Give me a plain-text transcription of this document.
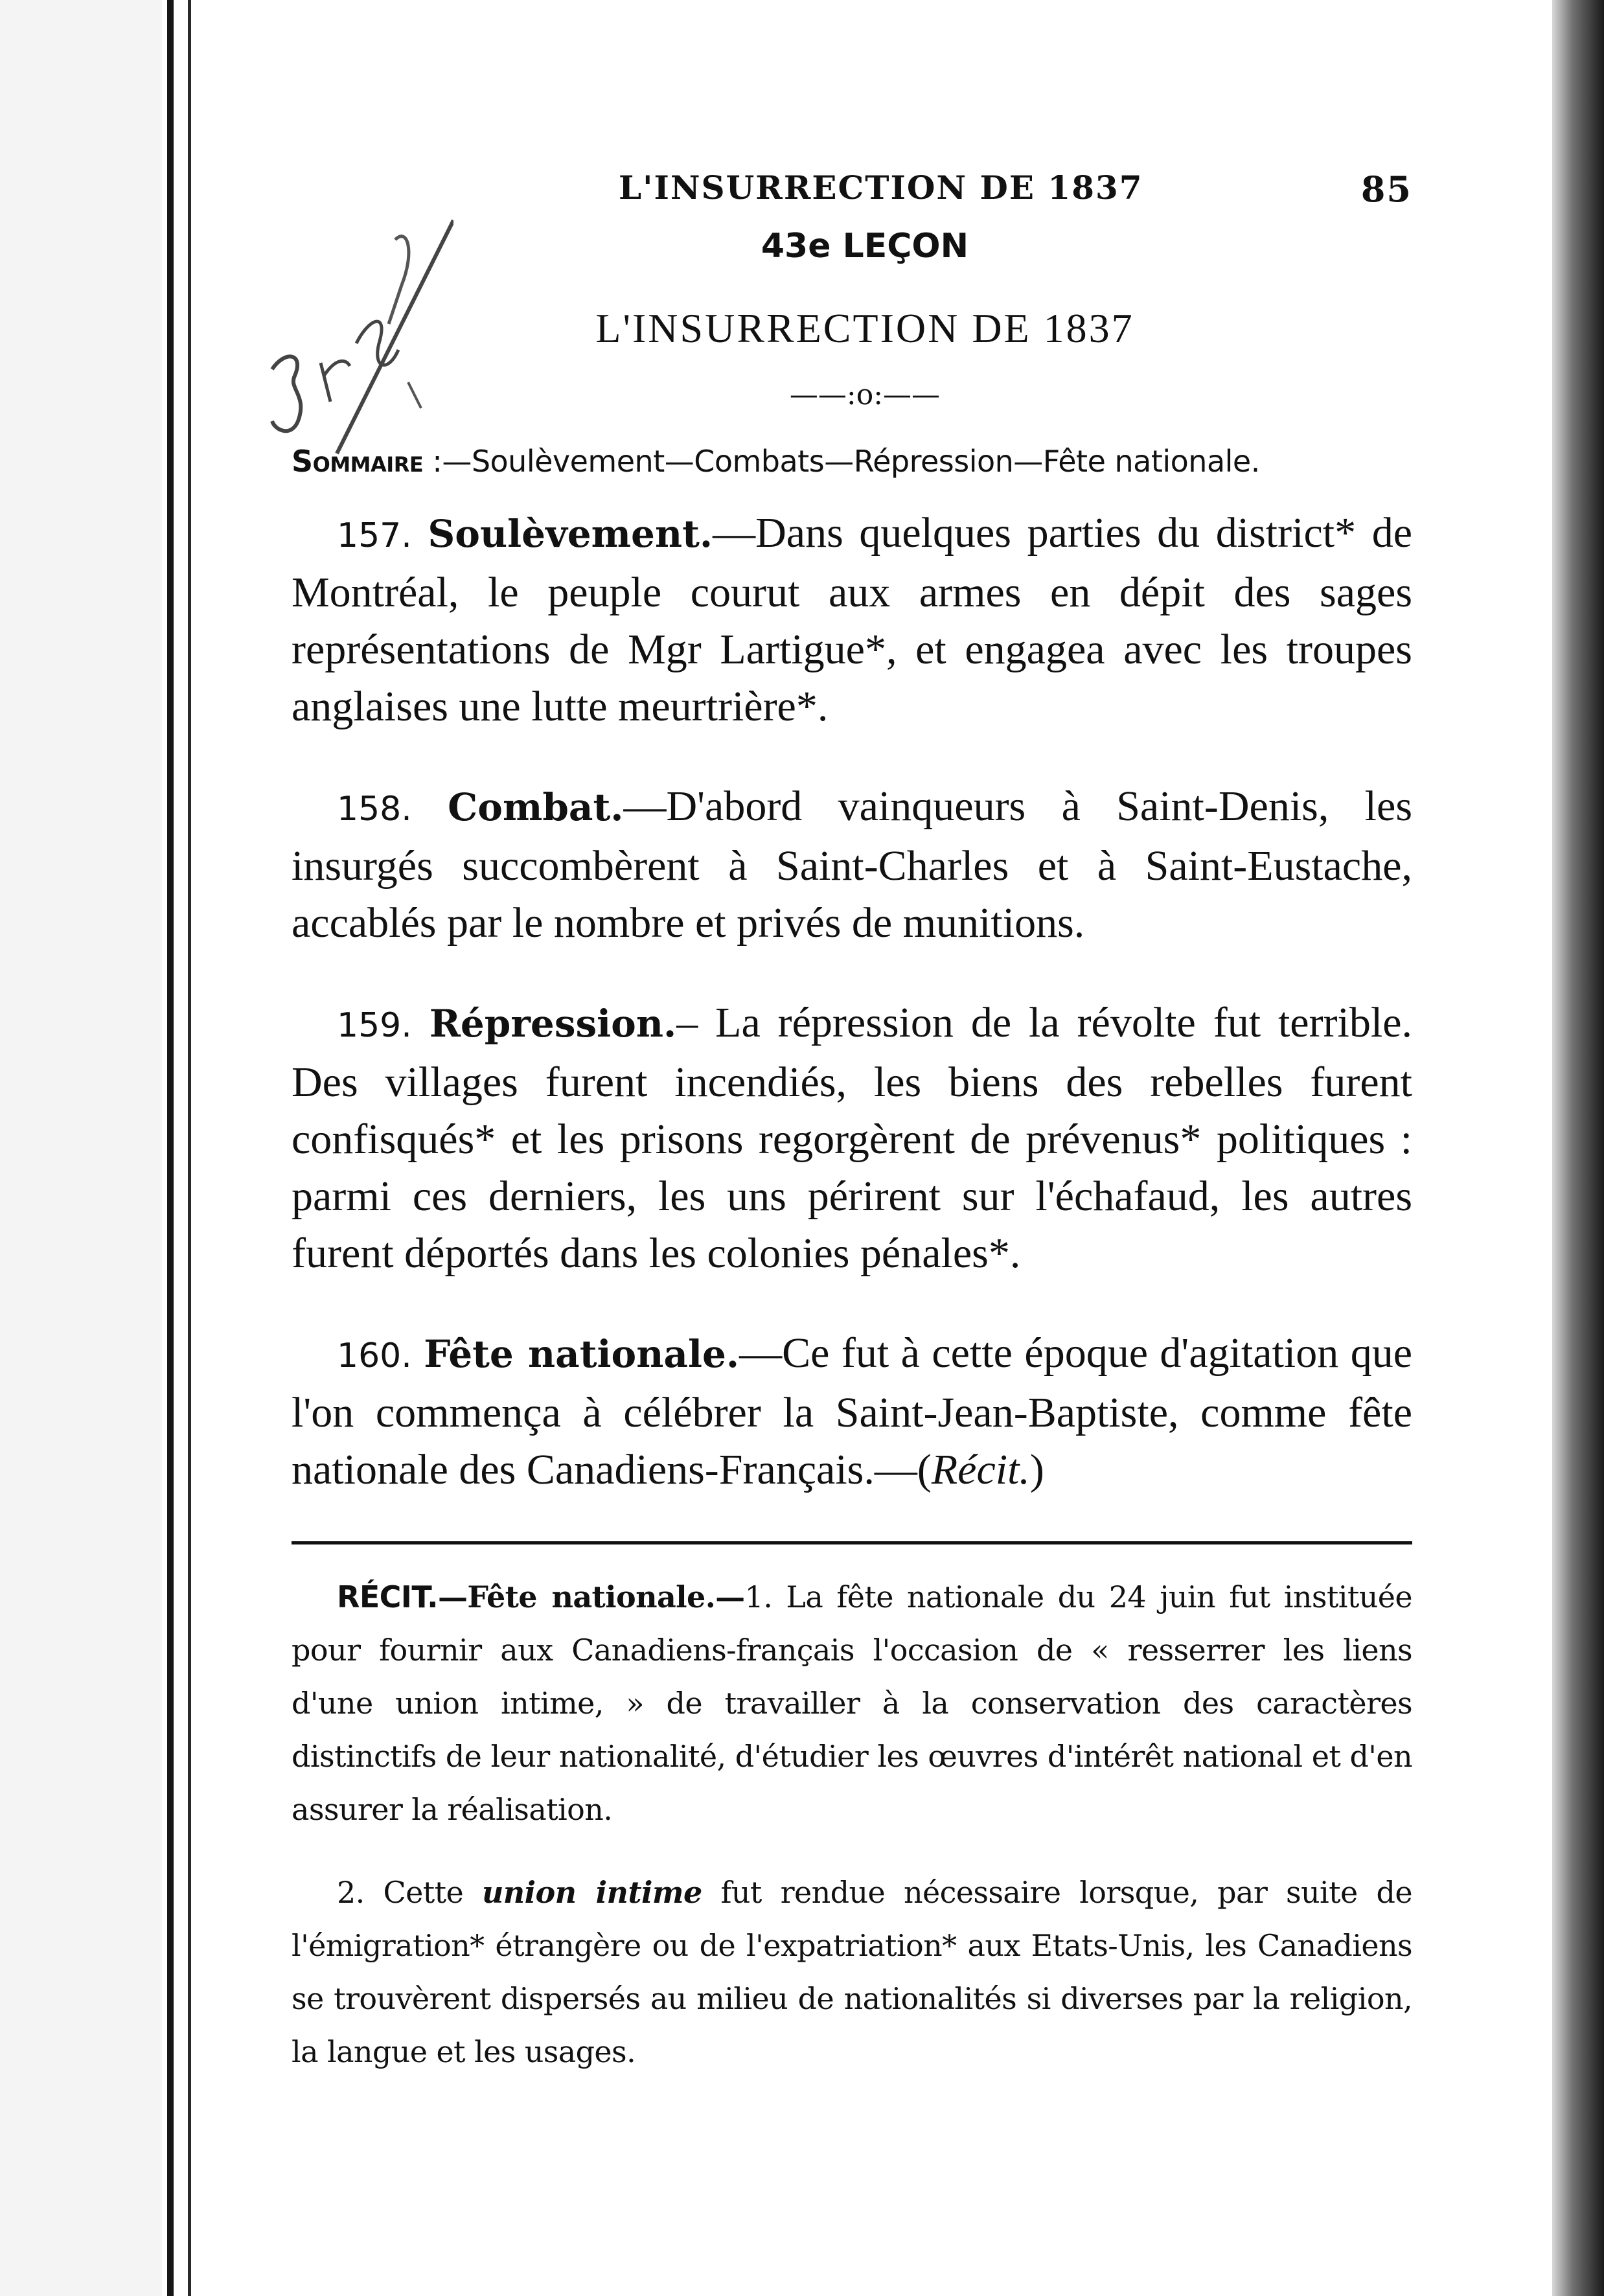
L'INSURRECTION DE 1837	85
43e LEÇON
L'INSURRECTION DE 1837
——:o:——
Sommaire :—Soulèvement—Combats—Répression—Fête nationale.

157. Soulèvement.—Dans quelques parties du district* de Montréal, le peuple courut aux armes en dépit des sages représentations de Mgr Lartigue*, et engagea avec les troupes anglaises une lutte meurtrière*.

158. Combat.—D'abord vainqueurs à Saint-Denis, les insurgés succombèrent à Saint-Charles et à Saint-Eustache, accablés par le nombre et privés de munitions.

159. Répression.– La répression de la révolte fut terrible. Des villages furent incendiés, les biens des rebelles furent confisqués* et les prisons regorgèrent de prévenus* politiques : parmi ces derniers, les uns périrent sur l'échafaud, les autres furent déportés dans les colonies pénales*.

160. Fête nationale.—Ce fut à cette époque d'agitation que l'on commença à célébrer la Saint-Jean-Baptiste, comme fête nationale des Canadiens-Français.—(Récit.)

RÉCIT.—Fête nationale.—1. La fête nationale du 24 juin fut instituée pour fournir aux Canadiens-français l'occasion de « resserrer les liens d'une union intime, » de travailler à la conservation des caractères distinctifs de leur nationalité, d'étudier les œuvres d'intérêt national et d'en assurer la réalisation.

2. Cette union intime fut rendue nécessaire lorsque, par suite de l'émigration* étrangère ou de l'expatriation* aux Etats-Unis, les Canadiens se trouvèrent dispersés au milieu de nationalités si diverses par la religion, la langue et les usages.
